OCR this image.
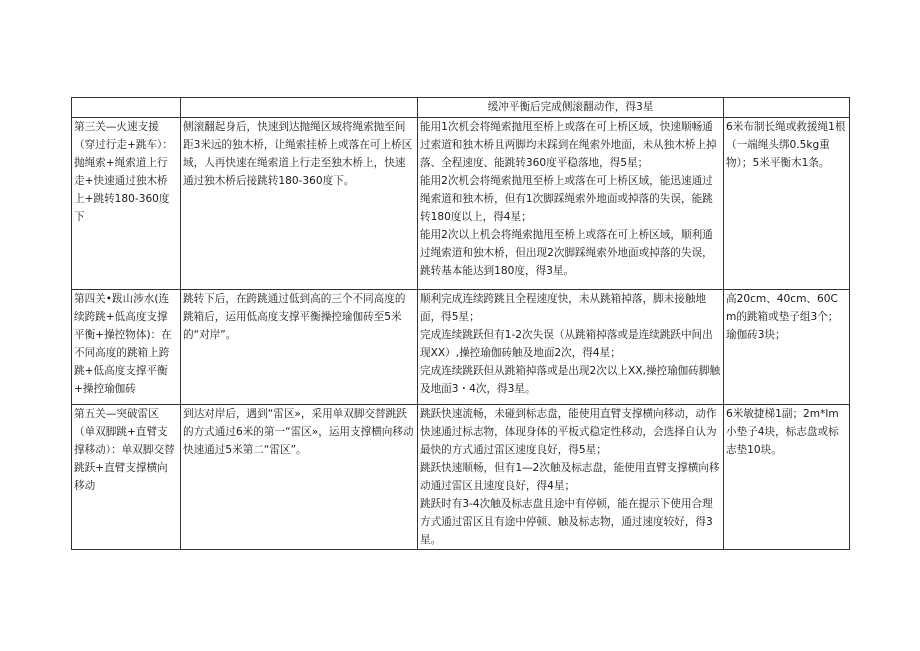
		缓冲平衡后完成侧滚翻动作，得3星	

第三关—火速支援（穿过行走+跳车）：抛绳索+绳索道上行走+快速通过独木桥上+跳转180-360度下	侧滚翻起身后，快速到达抛绳区域将绳索抛至间距3米远的独木桥，让绳索挂桥上或落在可上桥区域，人再快速在绳索道上行走至独木桥上，快速通过独木桥后接跳转180-360度下。	能用1次机会将绳索抛甩至桥上或落在可上桥区域，快速顺畅通过索道和独木桥且两脚均未踩到在绳索外地面，未从独木桥上掉落、全程速度、能跳转360度平稳落地，得5星；
能用2次机会将绳索抛甩至桥上或落在可上桥区域，能迅速通过绳索道和独木桥，但有1次脚踩绳索外地面或掉落的失误，能跳转180度以上，得4星；
能用2次以上机会将绳索抛甩至桥上或落在可上桥区域，顺利通过绳索道和独木桥，但出现2次脚踩绳索外地面或掉落的失误，跳转基本能达到180度，得3星。	6米布制长绳或救援绳1根（一端绳头绑0.5kg重物）；5米平衡木1条。
第四关•跋山涉水(连续跨跳+低高度支撑平衡+操控物体)：在不同高度的跳箱上跨跳+低高度支撑平衡+操控瑜伽砖	跳转下后，在跨跳通过低到高的三个不同高度的跳箱后，运用低高度支撑平衡操控瑜伽砖至5米的“对岸”。	顺利完成连续跨跳且全程速度快，未从跳箱掉落，脚未接触地面，得5星；
完成连续跳跃但有1-2次失误（从跳箱掉落或是连续跳跃中间出现XX）,操控瑜伽砖触及地面2次，得4星；
完成连续跳跃但从跳箱掉落或是出现2次以上XX,操控瑜伽砖脚触及地面3・4次，得3星。	高20cm、40cm、60Cm的跳箱或垫子组3个；瑜伽砖3块；
第五关—突破雷区（单双脚跳+直臂支撑移动）：单双脚交替跳跃+直臂支撑横向移动	到达对岸后，遇到“雷区»，采用单双脚交替跳跃的方式通过6米的第一“雷区»，运用支撑横向移动快速通过5米第二“雷区”。	跳跃快速流畅，未碰到标志盘，能使用直臂支撑横向移动，动作快速通过标志物，体现身体的平板式稳定性移动，会选择自认为最快的方式通过雷区速度良好，得5星；
跳跃快速顺畅，但有1—2次触及标志盘，能使用直臂支撑横向移动通过雷区且速度良好，得4星；
跳跃时有3-4次触及标志盘且途中有停顿，能在提示下使用合理方式通过雷区且有途中停顿、触及标志物，通过速度较好，得3星。	6米敏捷梯1副；2m*lm小垫子4块，标志盘或标志垫10块。
